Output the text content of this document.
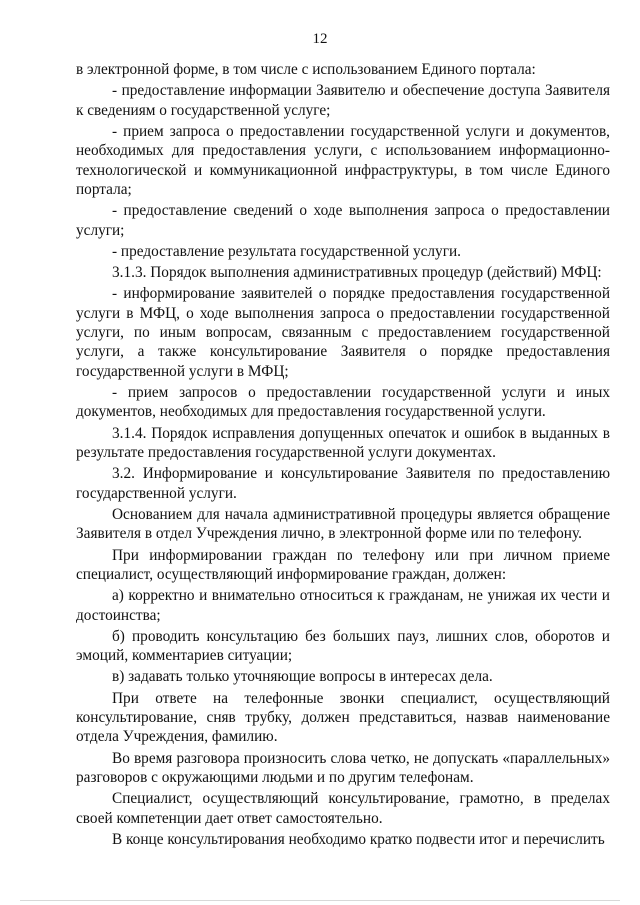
12

в электронной форме, в том числе с использованием Единого портала:

- предоставление информации Заявителю и обеспечение доступа Заявителя к сведениям о государственной услуге;

- прием запроса о предоставлении государственной услуги и документов, необходимых для предоставления услуги, с использованием информационно-технологической и коммуникационной инфраструктуры, в том числе Единого портала;

- предоставление сведений о ходе выполнения запроса о предоставлении услуги;

- предоставление результата государственной услуги.

3.1.3. Порядок выполнения административных процедур (действий) МФЦ:

- информирование заявителей о порядке предоставления государственной услуги в МФЦ, о ходе выполнения запроса о предоставлении государственной услуги, по иным вопросам, связанным с предоставлением государственной услуги, а также консультирование Заявителя о порядке предоставления государственной услуги в МФЦ;

- прием запросов о предоставлении государственной услуги и иных документов, необходимых для предоставления государственной услуги.

3.1.4. Порядок исправления допущенных опечаток и ошибок в выданных в результате предоставления государственной услуги документах.

3.2. Информирование и консультирование Заявителя по предоставлению государственной услуги.

Основанием для начала административной процедуры является обращение Заявителя в отдел Учреждения лично, в электронной форме или по телефону.

При информировании граждан по телефону или при личном приеме специалист, осуществляющий информирование граждан, должен:

а) корректно и внимательно относиться к гражданам, не унижая их чести и достоинства;

б) проводить консультацию без больших пауз, лишних слов, оборотов и эмоций, комментариев ситуации;

в) задавать только уточняющие вопросы в интересах дела.

При ответе на телефонные звонки специалист, осуществляющий консультирование, сняв трубку, должен представиться, назвав наименование отдела Учреждения, фамилию.

Во время разговора произносить слова четко, не допускать «параллельных» разговоров с окружающими людьми и по другим телефонам.

Специалист, осуществляющий консультирование, грамотно, в пределах своей компетенции дает ответ самостоятельно.

В конце консультирования необходимо кратко подвести итог и перечислить
